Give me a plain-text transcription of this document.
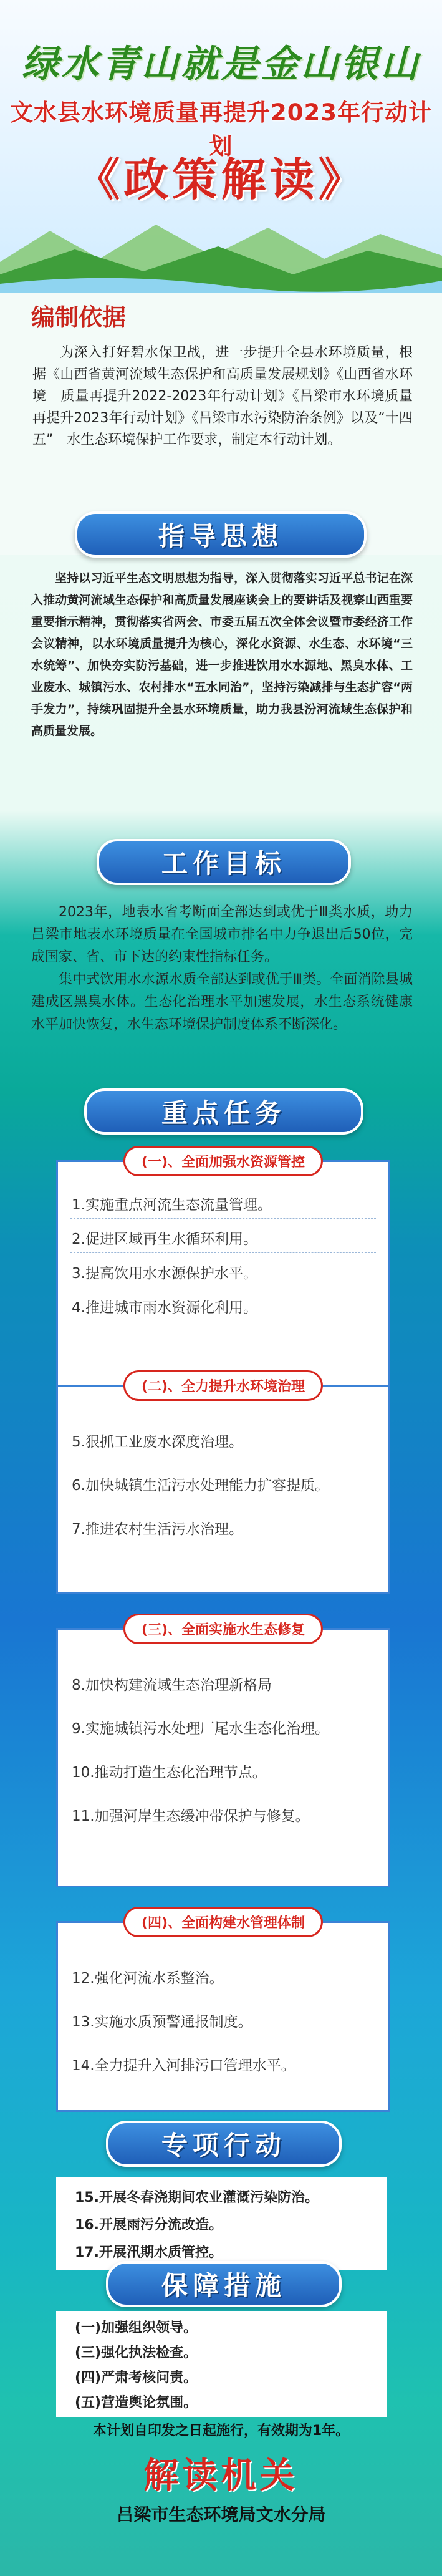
绿水青山就是金山银山
文水县水环境质量再提升2023年行动计划
《政策解读》
编制依据
为深入打好碧水保卫战，进一步提升全县水环境质量，根据《山西省黄河流域生态保护和高质量发展规划》《山西省水环境　质量再提升2022-2023年行动计划》《吕梁市水环境质量再提升2023年行动计划》《吕梁市水污染防治条例》以及“十四五”　水生态环境保护工作要求，制定本行动计划。
指导思想
坚持以习近平生态文明思想为指导，深入贯彻落实习近平总书记在深入推动黄河流域生态保护和高质量发展座谈会上的要讲话及视察山西重要重要指示精神，贯彻落实省两会、市委五届五次全体会议暨市委经济工作会议精神，以水环境质量提升为核心，深化水资源、水生态、水环境“三水统筹”、加快夯实防污基础，进一步推进饮用水水源地、黑臭水体、工业废水、城镇污水、农村排水“五水同治”，坚持污染减排与生态扩容“两手发力”，持续巩固提升全县水环境质量，助力我县汾河流域生态保护和高质量发展。
工作目标

2023年，地表水省考断面全部达到或优于Ⅲ类水质，助力吕梁市地表水环境质量在全国城市排名中力争退出后50位，完成国家、省、市下达的约束性指标任务。

集中式饮用水水源水质全部达到或优于Ⅲ类。全面消除县城建成区黑臭水体。生态化治理水平加速发展，水生态系统健康水平加快恢复，水生态环境保护制度体系不断深化。

重点任务
(一)、全面加强水资源管控
1.实施重点河流生态流量管理。
2.促进区域再生水循环利用。
3.提高饮用水水源保护水平。
4.推进城市雨水资源化利用。
(二)、全力提升水环境治理
5.狠抓工业废水深度治理。
6.加快城镇生活污水处理能力扩容提质。
7.推进农村生活污水治理。
(三)、全面实施水生态修复
8.加快构建流域生态治理新格局
9.实施城镇污水处理厂尾水生态化治理。
10.推动打造生态化治理节点。
11.加强河岸生态缓冲带保护与修复。
(四)、全面构建水管理体制
12.强化河流水系整治。
13.实施水质预警通报制度。
14.全力提升入河排污口管理水平。
专项行动
15.开展冬春浇期间农业灌溉污染防治。
16.开展雨污分流改造。
17.开展汛期水质管控。
保障措施
(一)加强组织领导。
(三)强化执法检查。
(四)严肃考核问责。
(五)营造舆论氛围。
本计划自印发之日起施行，有效期为1年。
解读机关
吕梁市生态环境局文水分局
